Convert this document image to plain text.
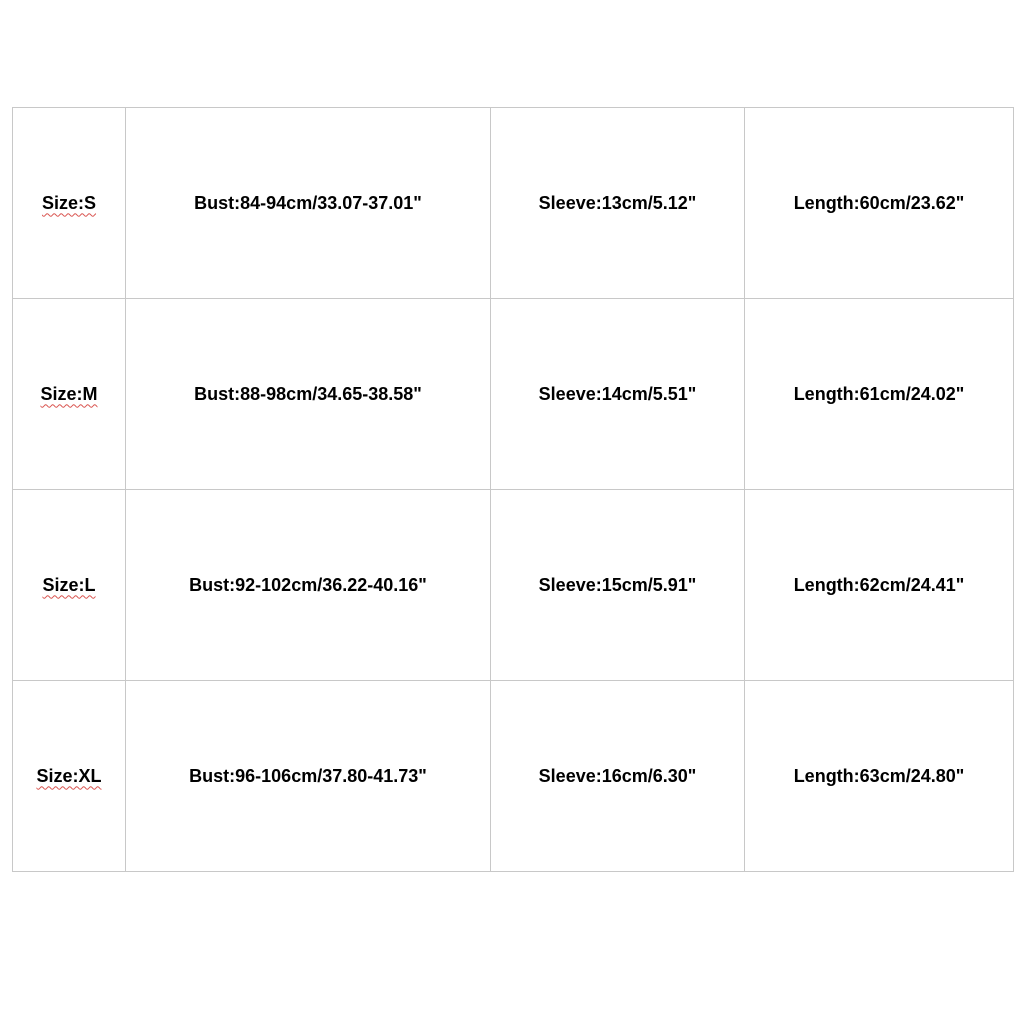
Size:S	Bust:84-94cm/33.07-37.01"	Sleeve:13cm/5.12"	Length:60cm/23.62"
Size:M	Bust:88-98cm/34.65-38.58"	Sleeve:14cm/5.51"	Length:61cm/24.02"
Size:L	Bust:92-102cm/36.22-40.16"	Sleeve:15cm/5.91"	Length:62cm/24.41"
Size:XL	Bust:96-106cm/37.80-41.73"	Sleeve:16cm/6.30"	Length:63cm/24.80"
